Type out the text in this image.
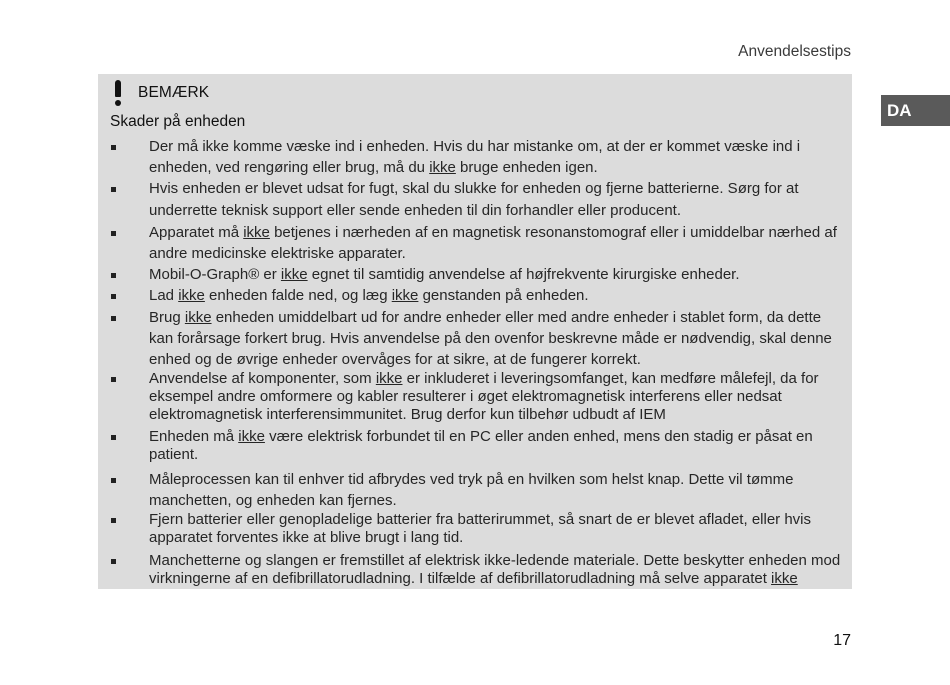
Anvendelsestips
DA
BEMÆRK
Skader på enheden
Der må ikke komme væske ind i enheden. Hvis du har mistanke om, at der er kommet væske ind i enheden, ved rengøring eller brug, må du ikke bruge enheden igen.
Hvis enheden er blevet udsat for fugt, skal du slukke for enheden og fjerne batterierne. Sørg for at underrette teknisk support eller sende enheden til din forhandler eller producent.
Apparatet må ikke betjenes i nærheden af en magnetisk resonanstomograf eller i umiddelbar nærhed af andre medicinske elektriske apparater.
Mobil-O-Graph® er ikke egnet til samtidig anvendelse af højfrekvente kirurgiske enheder.
Lad ikke enheden falde ned, og læg ikke genstanden på enheden.
Brug ikke enheden umiddelbart ud for andre enheder eller med andre enheder i stablet form, da dette kan forårsage forkert brug. Hvis anvendelse på den ovenfor beskrevne måde er nødvendig, skal denne enhed og de øvrige enheder overvåges for at sikre, at de fungerer korrekt.
Anvendelse af komponenter, som ikke er inkluderet i leveringsomfanget, kan medføre målefejl, da for eksempel andre omformere og kabler resulterer i øget elektromagnetisk interferens eller nedsat elektromagnetisk interferensimmunitet. Brug derfor kun tilbehør udbudt af IEM
Enheden må ikke være elektrisk forbundet til en PC eller anden enhed, mens den stadig er påsat en patient.
Måleprocessen kan til enhver tid afbrydes ved tryk på en hvilken som helst knap. Dette vil tømme manchetten, og enheden kan fjernes.
Fjern batterier eller genopladelige batterier fra batterirummet, så snart de er blevet afladet, eller hvis apparatet forventes ikke at blive brugt i lang tid.
Manchetterne og slangen er fremstillet af elektrisk ikke-ledende materiale. Dette beskytter enheden mod virkningerne af en defibrillatorudladning. I tilfælde af defibrillatorudladning må selve apparatet ikke
17
